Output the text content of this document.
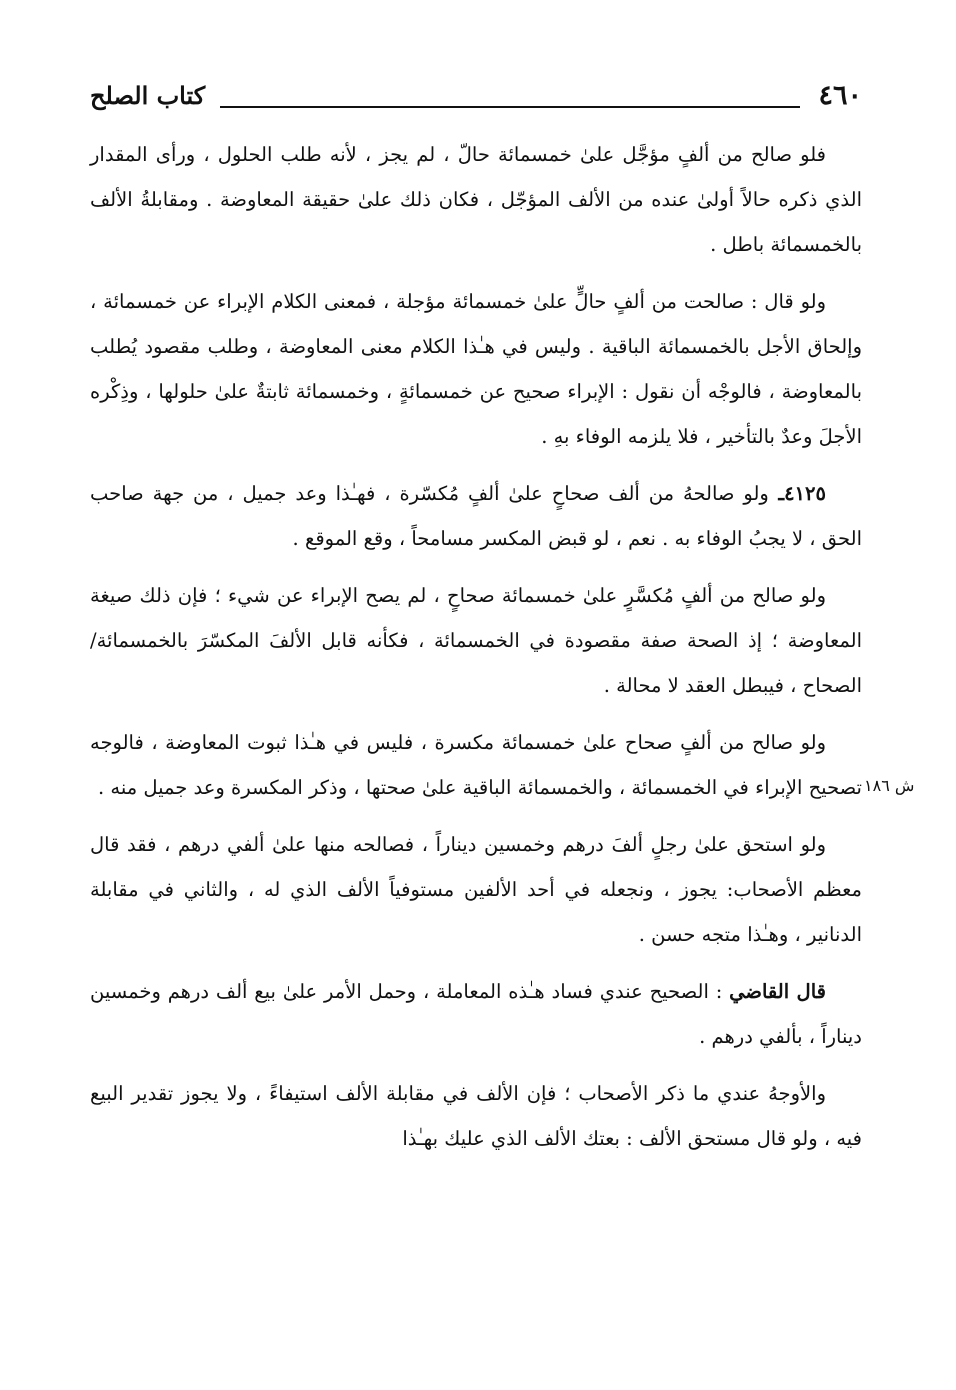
٤٦٠
كتاب الصلح

فلو صالح من ألفٍ مؤجَّل علىٰ خمسمائة حالّ ، لم يجز ، لأنه طلب الحلول ، ورأى المقدار الذي ذكره حالاً أولىٰ عنده من الألف المؤجّل ، فكان ذلك علىٰ حقيقة المعاوضة . ومقابلةُ الألف بالخمسمائة باطل .

ولو قال : صالحت من ألفٍ حالٍّ علىٰ خمسمائة مؤجلة ، فمعنى الكلام الإبراء عن خمسمائة ، وإلحاق الأجل بالخمسمائة الباقية . وليس في هـٰذا الكلام معنى المعاوضة ، وطلب مقصود يُطلب بالمعاوضة ، فالوجْه أن نقول : الإبراء صحيح عن خمسمائةٍ ، وخمسمائة ثابتةٌ علىٰ حلولها ، وذِكْره الأجلَ وعدٌ بالتأخير ، فلا يلزمه الوفاء بهِ .

٤١٢٥ـ ولو صالحهُ من ألف صحاحٍ علىٰ ألفٍ مُكسّرة ، فهـٰذا وعد جميل ، من جهة صاحب الحق ، لا يجبُ الوفاء به . نعم ، لو قبض المكسر مسامحاً ، وقع الموقع .

ولو صالح من ألفٍ مُكسَّرٍ علىٰ خمسمائة صحاحٍ ، لم يصح الإبراء عن شيء ؛ فإن ذلك صيغة المعاوضة ؛ إذ الصحة صفة مقصودة في الخمسمائة ، فكأنه قابل الألفَ المكسّرَ بالخمسمائة/ الصحاح ، فيبطل العقد لا محالة .

ولو صالح من ألفٍ صحاح علىٰ خمسمائة مكسرة ، فليس في هـٰذا ثبوت المعاوضة ، فالوجه تصحيح الإبراء في الخمسمائة ، والخمسمائة الباقية علىٰ صحتها ، وذكر المكسرة وعد جميل منه .

ولو استحق علىٰ رجلٍ ألفَ درهم وخمسين ديناراً ، فصالحه منها علىٰ ألفي درهم ، فقد قال معظم الأصحاب: يجوز ، ونجعله في أحد الألفين مستوفياً الألف الذي له ، والثاني في مقابلة الدنانير ، وهـٰذا متجه حسن .

قال القاضي : الصحيح عندي فساد هـٰذه المعاملة ، وحمل الأمر علىٰ بيع ألف درهم وخمسين ديناراً ، بألفي درهم .

والأوجهُ عندي ما ذكر الأصحاب ؛ فإن الألف في مقابلة الألف استيفاءً ، ولا يجوز تقدير البيع فيه ، ولو قال مستحق الألف : بعتك الألف الذي عليك بهـٰذا

ش ١٨٦
